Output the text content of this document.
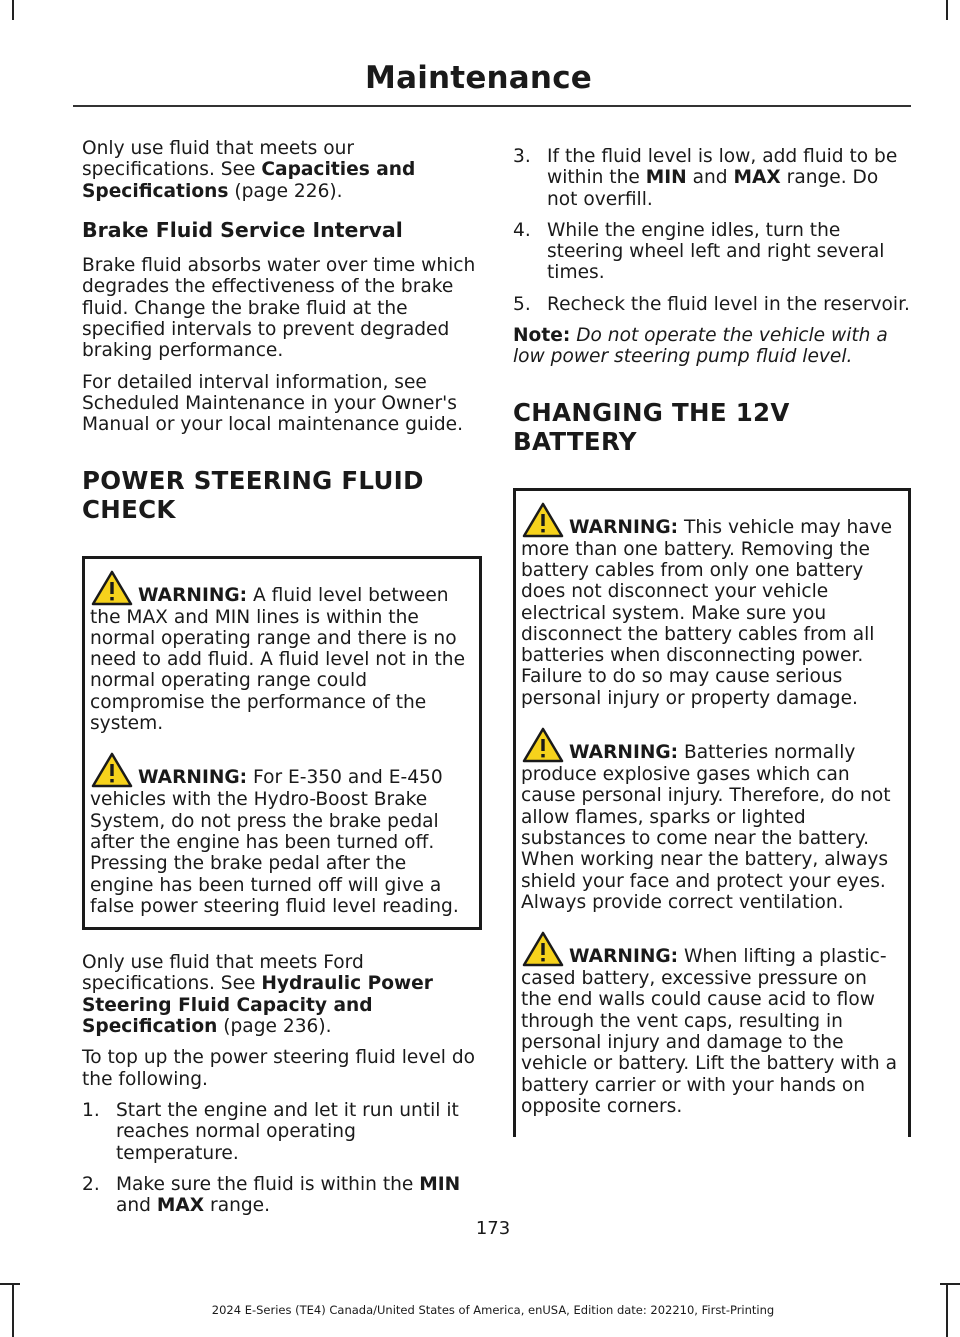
Maintenance

Only use fluid that meets our specifications. See Capacities and Specifications (page 226).

Brake Fluid Service Interval

Brake fluid absorbs water over time which degrades the effectiveness of the brake fluid. Change the brake fluid at the specified intervals to prevent degraded braking performance.

For detailed interval information, see Scheduled Maintenance in your Owner's Manual or your local maintenance guide.

POWER STEERING FLUID CHECK
WARNING: A fluid level between the MAX and MIN lines is within the normal operating range and there is no need to add fluid. A fluid level not in the normal operating range could compromise the performance of the system.
WARNING: For E-350 and E-450 vehicles with the Hydro-Boost Brake System, do not press the brake pedal after the engine has been turned off. Pressing the brake pedal after the engine has been turned off will give a false power steering fluid level reading.

Only use fluid that meets Ford specifications. See Hydraulic Power Steering Fluid Capacity and Specification (page 236).

To top up the power steering fluid level do the following.

1. Start the engine and let it run until it reaches normal operating temperature.
2. Make sure the fluid is within the MIN and MAX range.
3. If the fluid level is low, add fluid to be within the MIN and MAX range. Do not overfill.
4. While the engine idles, turn the steering wheel left and right several times.
5. Recheck the fluid level in the reservoir.

Note: Do not operate the vehicle with a low power steering pump fluid level.

CHANGING THE 12V BATTERY
WARNING: This vehicle may have more than one battery. Removing the battery cables from only one battery does not disconnect your vehicle electrical system. Make sure you disconnect the battery cables from all batteries when disconnecting power. Failure to do so may cause serious personal injury or property damage.
WARNING: Batteries normally produce explosive gases which can cause personal injury. Therefore, do not allow flames, sparks or lighted substances to come near the battery. When working near the battery, always shield your face and protect your eyes. Always provide correct ventilation.
WARNING: When lifting a plastic-cased battery, excessive pressure on the end walls could cause acid to flow through the vent caps, resulting in personal injury and damage to the vehicle or battery. Lift the battery with a battery carrier or with your hands on opposite corners.
173
2024 E-Series (TE4) Canada/United States of America, enUSA, Edition date: 202210, First-Printing
